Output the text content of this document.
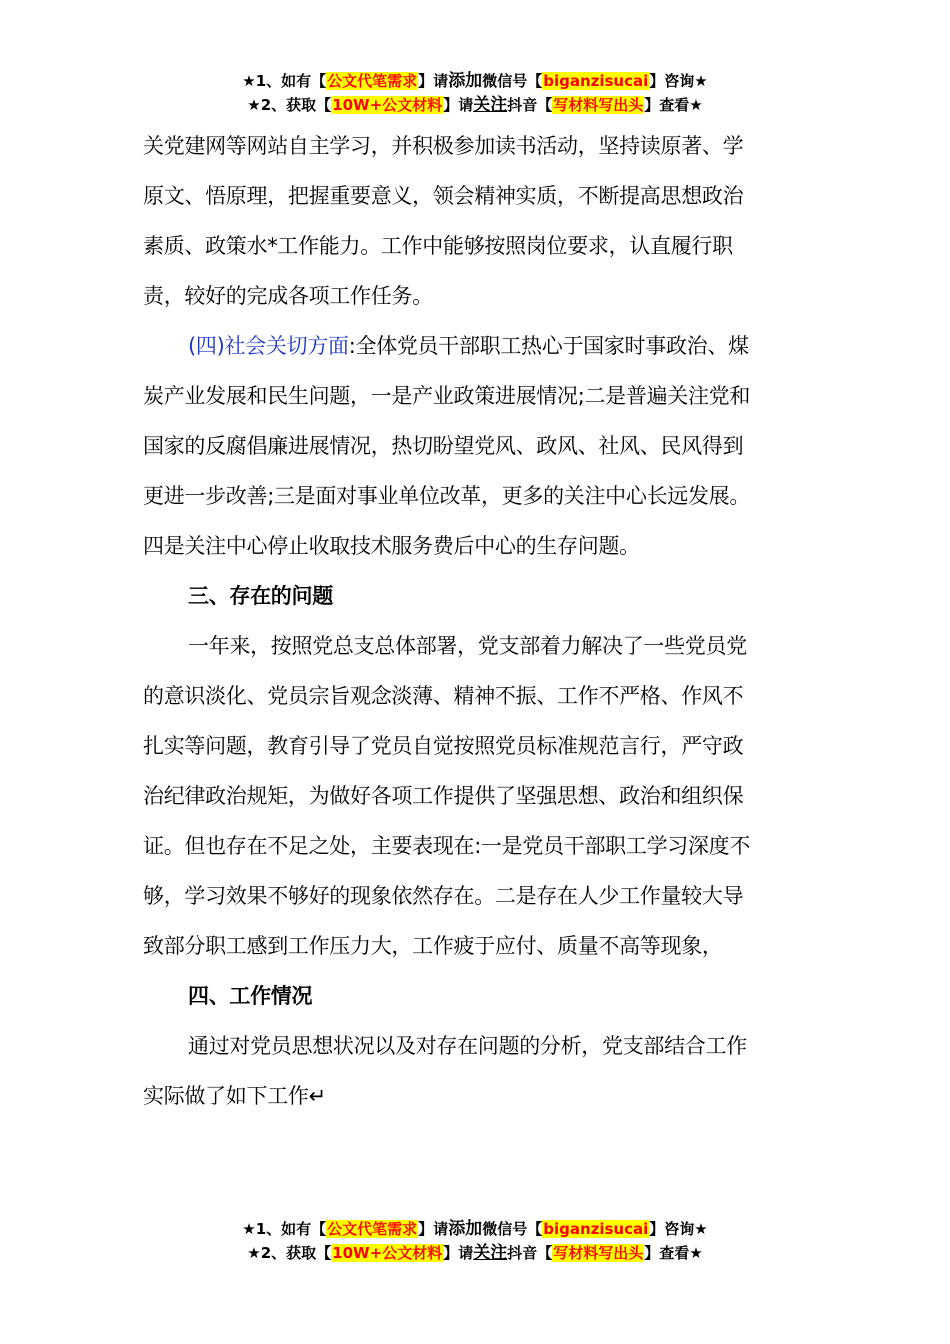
★1、如有【公文代笔需求】请添加微信号【biganzisucai】咨询★
★2、获取【10W+公文材料】请关注抖音【写材料写出头】查看★
关党建网等网站自主学习，并积极参加读书活动，坚持读原著、学
原文、悟原理，把握重要意义，领会精神实质，不断提高思想政治
素质、政策水*工作能力。工作中能够按照岗位要求，认直履行职
责，较好的完成各项工作任务。
(四)社会关切方面:全体党员干部职工热心于国家时事政治、煤
炭产业发展和民生问题，一是产业政策进展情况;二是普遍关注党和
国家的反腐倡廉进展情况，热切盼望党风、政风、社风、民风得到
更进一步改善;三是面对事业单位改革，更多的关注中心长远发展。
四是关注中心停止收取技术服务费后中心的生存问题。
三、存在的问题
一年来，按照党总支总体部署，党支部着力解决了一些党员党
的意识淡化、党员宗旨观念淡薄、精神不振、工作不严格、作风不
扎实等问题，教育引导了党员自觉按照党员标准规范言行，严守政
治纪律政治规矩，为做好各项工作提供了坚强思想、政治和组织保
证。但也存在不足之处，主要表现在:一是党员干部职工学习深度不
够，学习效果不够好的现象依然存在。二是存在人少工作量较大导
致部分职工感到工作压力大，工作疲于应付、质量不高等现象，
四、工作情况
通过对党员思想状况以及对存在问题的分析，党支部结合工作
实际做了如下工作↵
★1、如有【公文代笔需求】请添加微信号【biganzisucai】咨询★
★2、获取【10W+公文材料】请关注抖音【写材料写出头】查看★
